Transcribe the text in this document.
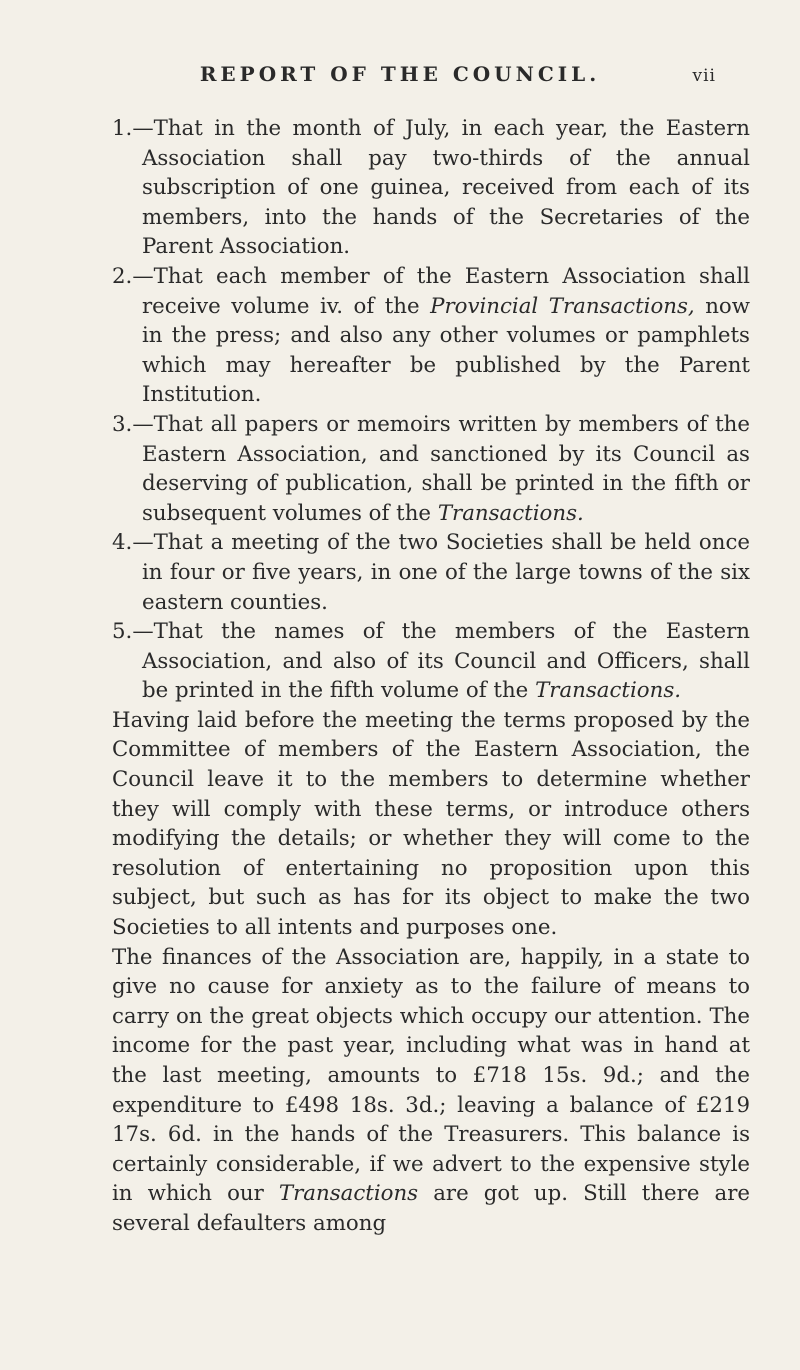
REPORT OF THE COUNCIL.	vii

1.—That in the month of July, in each year, the Eastern Association shall pay two-thirds of the annual subscription of one guinea, received from each of its members, into the hands of the Secretaries of the Parent Association.

2.—That each member of the Eastern Association shall receive volume iv. of the Provincial Transactions, now in the press; and also any other volumes or pamphlets which may hereafter be published by the Parent Institution.

3.—That all papers or memoirs written by members of the Eastern Association, and sanctioned by its Council as deserving of publication, shall be printed in the fifth or subsequent volumes of the Transactions.

4.—That a meeting of the two Societies shall be held once in four or five years, in one of the large towns of the six eastern counties.

5.—That the names of the members of the Eastern Association, and also of its Council and Officers, shall be printed in the fifth volume of the Transactions.

Having laid before the meeting the terms proposed by the Committee of members of the Eastern Association, the Council leave it to the members to determine whether they will comply with these terms, or introduce others modifying the details; or whether they will come to the resolution of entertaining no proposition upon this subject, but such as has for its object to make the two Societies to all intents and purposes one.

The finances of the Association are, happily, in a state to give no cause for anxiety as to the failure of means to carry on the great objects which occupy our attention. The income for the past year, including what was in hand at the last meeting, amounts to £718 15s. 9d.; and the expenditure to £498 18s. 3d.; leaving a balance of £219 17s. 6d. in the hands of the Treasurers. This balance is certainly considerable, if we advert to the expensive style in which our Transactions are got up. Still there are several defaulters among
